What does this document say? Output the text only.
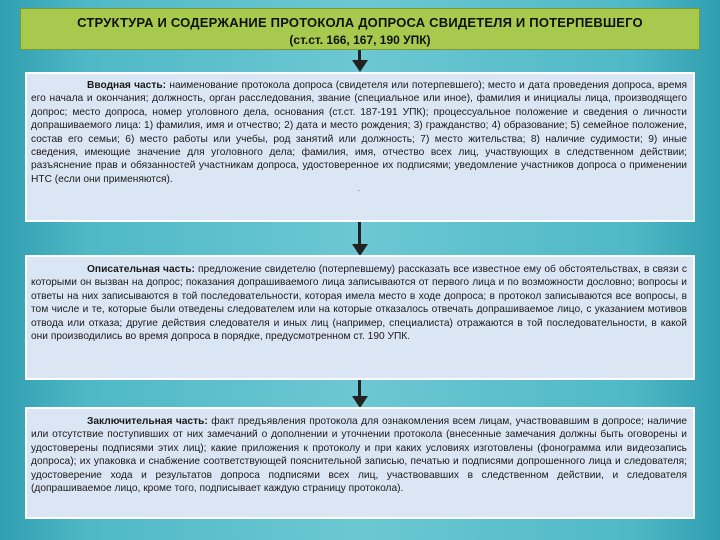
СТРУКТУРА И СОДЕРЖАНИЕ ПРОТОКОЛА ДОПРОСА СВИДЕТЕЛЯ И ПОТЕРПЕВШЕГО
(ст.ст. 166, 167, 190 УПК)
Вводная часть: наименование протокола допроса (свидетеля или потерпевшего); место и дата проведения допроса, время его начала и окончания; должность, орган расследования, звание (специальное или иное), фамилия и инициалы лица, производящего допрос; место допроса, номер уголовного дела, основания (ст.ст. 187-191 УПК); процессуальное положение и сведения о личности допрашиваемого лица: 1) фамилия, имя и отчество; 2) дата и место рождения; 3) гражданство; 4) образование; 5) семейное положение, состав его семьи; 6) место работы или учебы, род занятий или должность; 7) место жительства; 8) наличие судимости; 9) иные сведения, имеющие значение для уголовного дела; фамилия, имя, отчество всех лиц, участвующих в следственном действии; разъяснение прав и обязанностей участникам допроса, удостоверенное их подписями; уведомление участников допроса о применении НТС (если они применяются).
.
Описательная часть: предложение свидетелю (потерпевшему) рассказать все известное ему об обстоятельствах, в связи с которыми он вызван на допрос; показания допрашиваемого лица записываются от первого лица и по возможности дословно; вопросы и ответы на них записываются в той последовательности, которая имела место в ходе допроса; в протокол записываются все вопросы, в том числе и те, которые были отведены следователем или на которые отказалось отвечать допрашиваемое лицо, с указанием мотивов отвода или отказа; другие действия следователя и иных лиц (например, специалиста) отражаются в той последовательности, в какой они производились во время допроса в порядке, предусмотренном ст. 190 УПК.
Заключительная часть: факт предъявления протокола для ознакомления всем лицам, участвовавшим в допросе; наличие или отсутствие поступивших от них замечаний о дополнении и уточнении протокола (внесенные замечания должны быть оговорены и удостоверены подписями этих лиц); какие приложения к протоколу и при каких условиях изготовлены (фонограмма или видеозапись допроса); их упаковка и снабжение соответствующей пояснительной записью, печатью и подписями допрошенного лица и следователя; удостоверение хода и результатов допроса подписями всех лиц, участвовавших в следственном действии, и следователя (допрашиваемое лицо, кроме того, подписывает каждую страницу протокола).
